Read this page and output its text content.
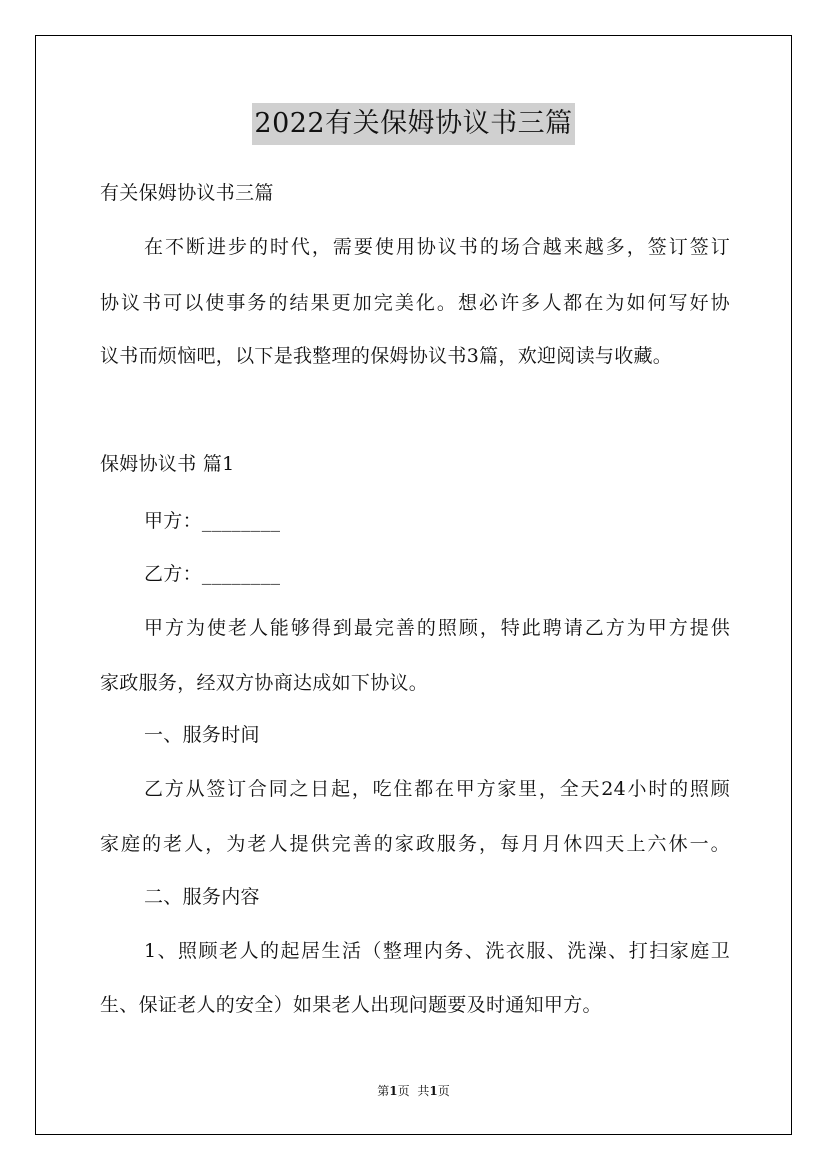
2022有关保姆协议书三篇
有关保姆协议书三篇
在不断进步的时代，需要使用协议书的场合越来越多，签订签订
协议书可以使事务的结果更加完美化。想必许多人都在为如何写好协
议书而烦恼吧，以下是我整理的保姆协议书3篇，欢迎阅读与收藏。
保姆协议书 篇1
甲方：________
乙方：________
甲方为使老人能够得到最完善的照顾，特此聘请乙方为甲方提供
家政服务，经双方协商达成如下协议。
一、服务时间
乙方从签订合同之日起，吃住都在甲方家里，全天24小时的照顾
家庭的老人，为老人提供完善的家政服务，每月月休四天上六休一。
二、服务内容
1、照顾老人的起居生活（整理内务、洗衣服、洗澡、打扫家庭卫
生、保证老人的安全）如果老人出现问题要及时通知甲方。
第1页 共1页
